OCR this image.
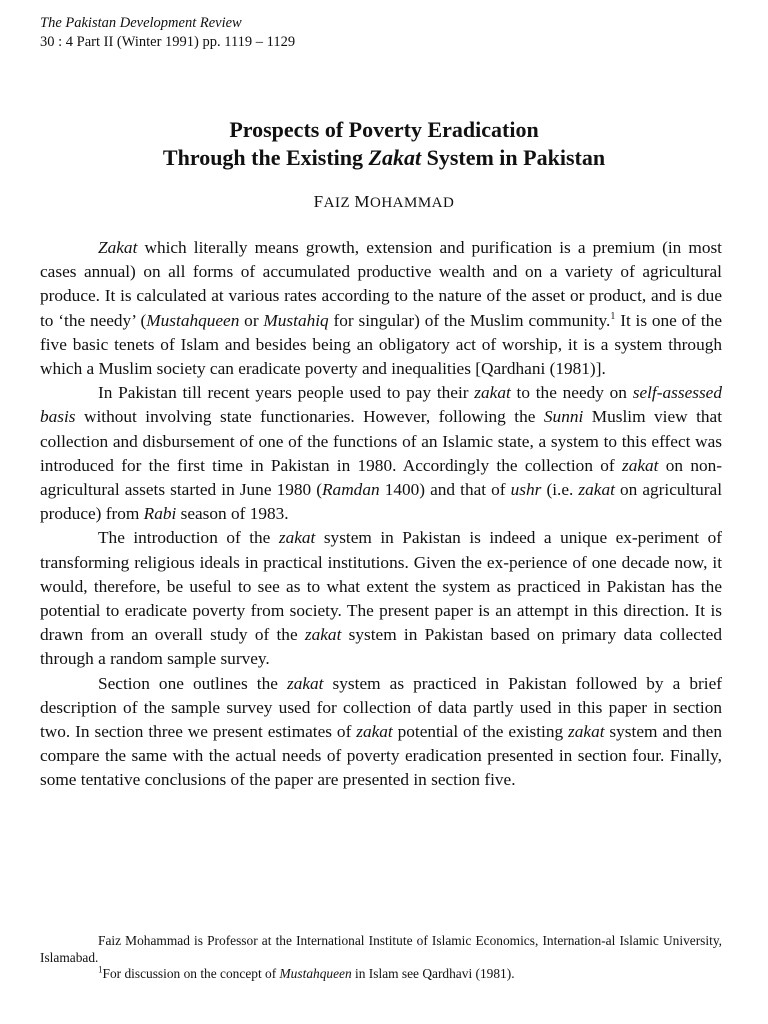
The Pakistan Development Review
30 : 4 Part II (Winter 1991) pp. 1119 – 1129
Prospects of Poverty Eradication
Through the Existing Zakat System in Pakistan
FAIZ MOHAMMAD

Zakat which literally means growth, extension and purification is a premium (in most cases annual) on all forms of accumulated productive wealth and on a variety of agricultural produce. It is calculated at various rates according to the nature of the asset or product, and is due to ‘the needy’ (Mustahqueen or Mustahiq for singular) of the Muslim community.$^1$ It is one of the five basic tenets of Islam and besides being an obligatory act of worship, it is a system through which a Muslim society can eradicate poverty and inequalities [Qardhani (1981)].

In Pakistan till recent years people used to pay their zakat to the needy on self-assessed basis without involving state functionaries. However, following the Sunni Muslim view that collection and disbursement of one of the functions of an Islamic state, a system to this effect was introduced for the first time in Pakistan in 1980. Accordingly the collection of zakat on non-agricultural assets started in June 1980 (Ramdan 1400) and that of ushr (i.e. zakat on agricultural produce) from Rabi season of 1983.

The introduction of the zakat system in Pakistan is indeed a unique ex-periment of transforming religious ideals in practical institutions. Given the ex-perience of one decade now, it would, therefore, be useful to see as to what extent the system as practiced in Pakistan has the potential to eradicate poverty from society. The present paper is an attempt in this direction. It is drawn from an overall study of the zakat system in Pakistan based on primary data collected through a random sample survey.

Section one outlines the zakat system as practiced in Pakistan followed by a brief description of the sample survey used for collection of data partly used in this paper in section two. In section three we present estimates of zakat potential of the existing zakat system and then compare the same with the actual needs of poverty eradication presented in section four. Finally, some tentative conclusions of the paper are presented in section five.

Faiz Mohammad is Professor at the International Institute of Islamic Economics, Internation-al Islamic University, Islamabad.

$^1$For discussion on the concept of Mustahqueen in Islam see Qardhavi (1981).
